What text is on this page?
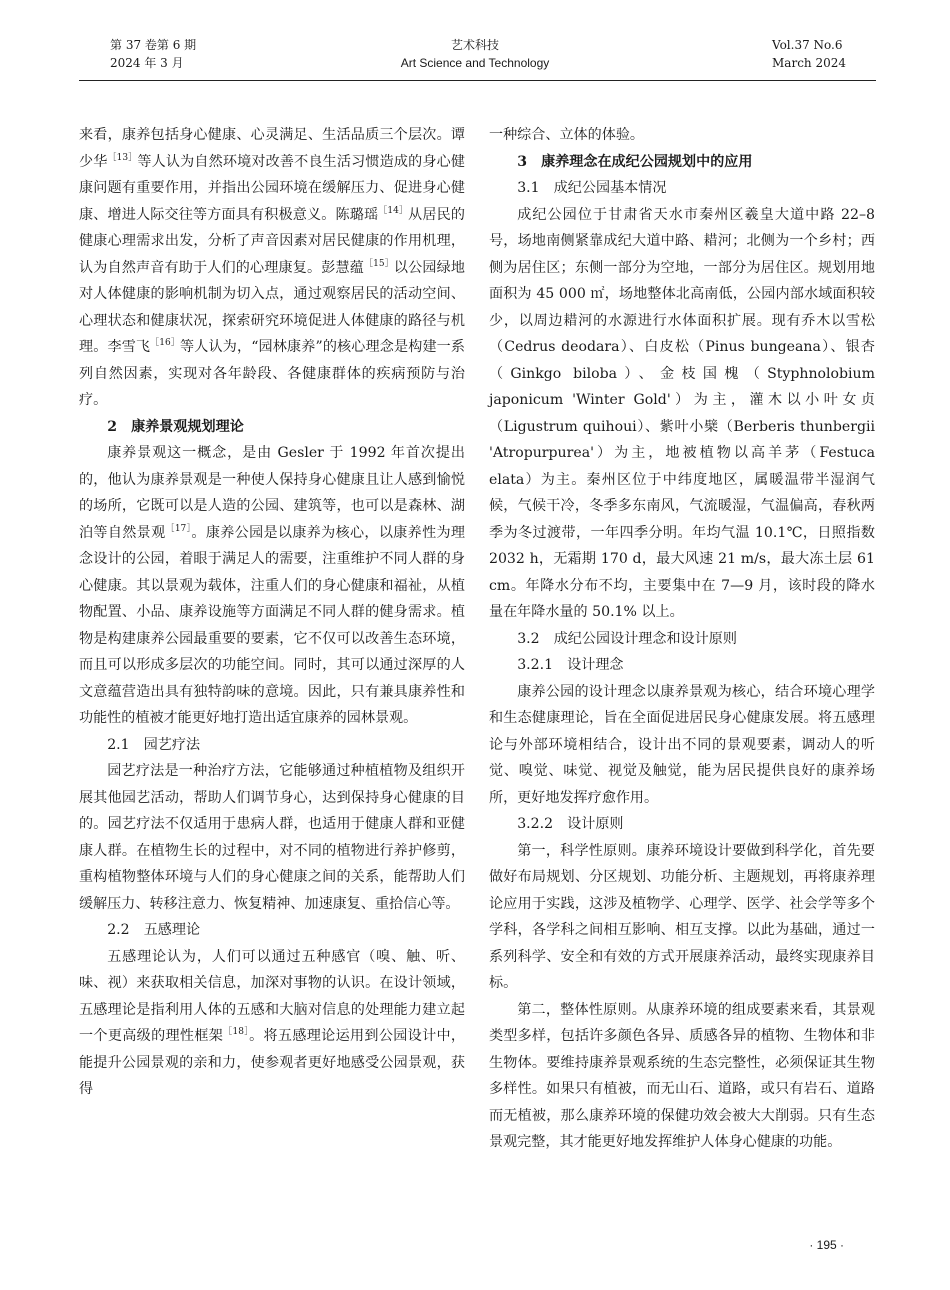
第 37 卷第 6 期
2024 年 3 月
艺术科技
Art Science and Technology
Vol.37 No.6
March 2024

来看，康养包括身心健康、心灵满足、生活品质三个层次。谭少华$^{[13]}$等人认为自然环境对改善不良生活习惯造成的身心健康问题有重要作用，并指出公园环境在缓解压力、促进身心健康、增进人际交往等方面具有积极意义。陈璐瑶$^{[14]}$从居民的健康心理需求出发，分析了声音因素对居民健康的作用机理，认为自然声音有助于人们的心理康复。彭慧蕴$^{[15]}$以公园绿地对人体健康的影响机制为切入点，通过观察居民的活动空间、心理状态和健康状况，探索研究环境促进人体健康的路径与机理。李雪飞$^{[16]}$等人认为，“园林康养”的核心理念是构建一系列自然因素，实现对各年龄段、各健康群体的疾病预防与治疗。

2　康养景观规划理论

康养景观这一概念，是由 Gesler 于 1992 年首次提出的，他认为康养景观是一种使人保持身心健康且让人感到愉悦的场所，它既可以是人造的公园、建筑等，也可以是森林、湖泊等自然景观$^{[17]}$。康养公园是以康养为核心，以康养性为理念设计的公园，着眼于满足人的需要，注重维护不同人群的身心健康。其以景观为载体，注重人们的身心健康和福祉，从植物配置、小品、康养设施等方面满足不同人群的健身需求。植物是构建康养公园最重要的要素，它不仅可以改善生态环境，而且可以形成多层次的功能空间。同时，其可以通过深厚的人文意蕴营造出具有独特韵味的意境。因此，只有兼具康养性和功能性的植被才能更好地打造出适宜康养的园林景观。

2.1　园艺疗法

园艺疗法是一种治疗方法，它能够通过种植植物及组织开展其他园艺活动，帮助人们调节身心，达到保持身心健康的目的。园艺疗法不仅适用于患病人群，也适用于健康人群和亚健康人群。在植物生长的过程中，对不同的植物进行养护修剪，重构植物整体环境与人们的身心健康之间的关系，能帮助人们缓解压力、转移注意力、恢复精神、加速康复、重拾信心等。

2.2　五感理论

五感理论认为，人们可以通过五种感官（嗅、触、听、味、视）来获取相关信息，加深对事物的认识。在设计领域，五感理论是指利用人体的五感和大脑对信息的处理能力建立起一个更高级的理性框架$^{[18]}$。将五感理论运用到公园设计中，能提升公园景观的亲和力，使参观者更好地感受公园景观，获得

一种综合、立体的体验。

3　康养理念在成纪公园规划中的应用

3.1　成纪公园基本情况

成纪公园位于甘肃省天水市秦州区羲皇大道中路 22–8 号，场地南侧紧靠成纪大道中路、耤河；北侧为一个乡村；西侧为居住区；东侧一部分为空地，一部分为居住区。规划用地面积为 45 000 ㎡，场地整体北高南低，公园内部水域面积较少，以周边耤河的水源进行水体面积扩展。现有乔木以雪松（Cedrus deodara）、白皮松（Pinus bungeana）、银杏（Ginkgo biloba）、金枝国槐（Styphnolobium japonicum 'Winter Gold'）为主，灌木以小叶女贞（Ligustrum quihoui）、紫叶小檗（Berberis thunbergii 'Atropurpurea'）为主，地被植物以高羊茅（Festuca elata）为主。秦州区位于中纬度地区，属暖温带半湿润气候，气候干冷，冬季多东南风，气流暖湿，气温偏高，春秋两季为冬过渡带，一年四季分明。年均气温 10.1℃，日照指数 2032 h，无霜期 170 d，最大风速 21 m/s，最大冻土层 61 cm。年降水分布不均，主要集中在 7—9 月，该时段的降水量在年降水量的 50.1% 以上。

3.2　成纪公园设计理念和设计原则

3.2.1　设计理念

康养公园的设计理念以康养景观为核心，结合环境心理学和生态健康理论，旨在全面促进居民身心健康发展。将五感理论与外部环境相结合，设计出不同的景观要素，调动人的听觉、嗅觉、味觉、视觉及触觉，能为居民提供良好的康养场所，更好地发挥疗愈作用。

3.2.2　设计原则

第一，科学性原则。康养环境设计要做到科学化，首先要做好布局规划、分区规划、功能分析、主题规划，再将康养理论应用于实践，这涉及植物学、心理学、医学、社会学等多个学科，各学科之间相互影响、相互支撑。以此为基础，通过一系列科学、安全和有效的方式开展康养活动，最终实现康养目标。

第二，整体性原则。从康养环境的组成要素来看，其景观类型多样，包括许多颜色各异、质感各异的植物、生物体和非生物体。要维持康养景观系统的生态完整性，必须保证其生物多样性。如果只有植被，而无山石、道路，或只有岩石、道路而无植被，那么康养环境的保健功效会被大大削弱。只有生态景观完整，其才能更好地发挥维护人体身心健康的功能。

· 195 ·
